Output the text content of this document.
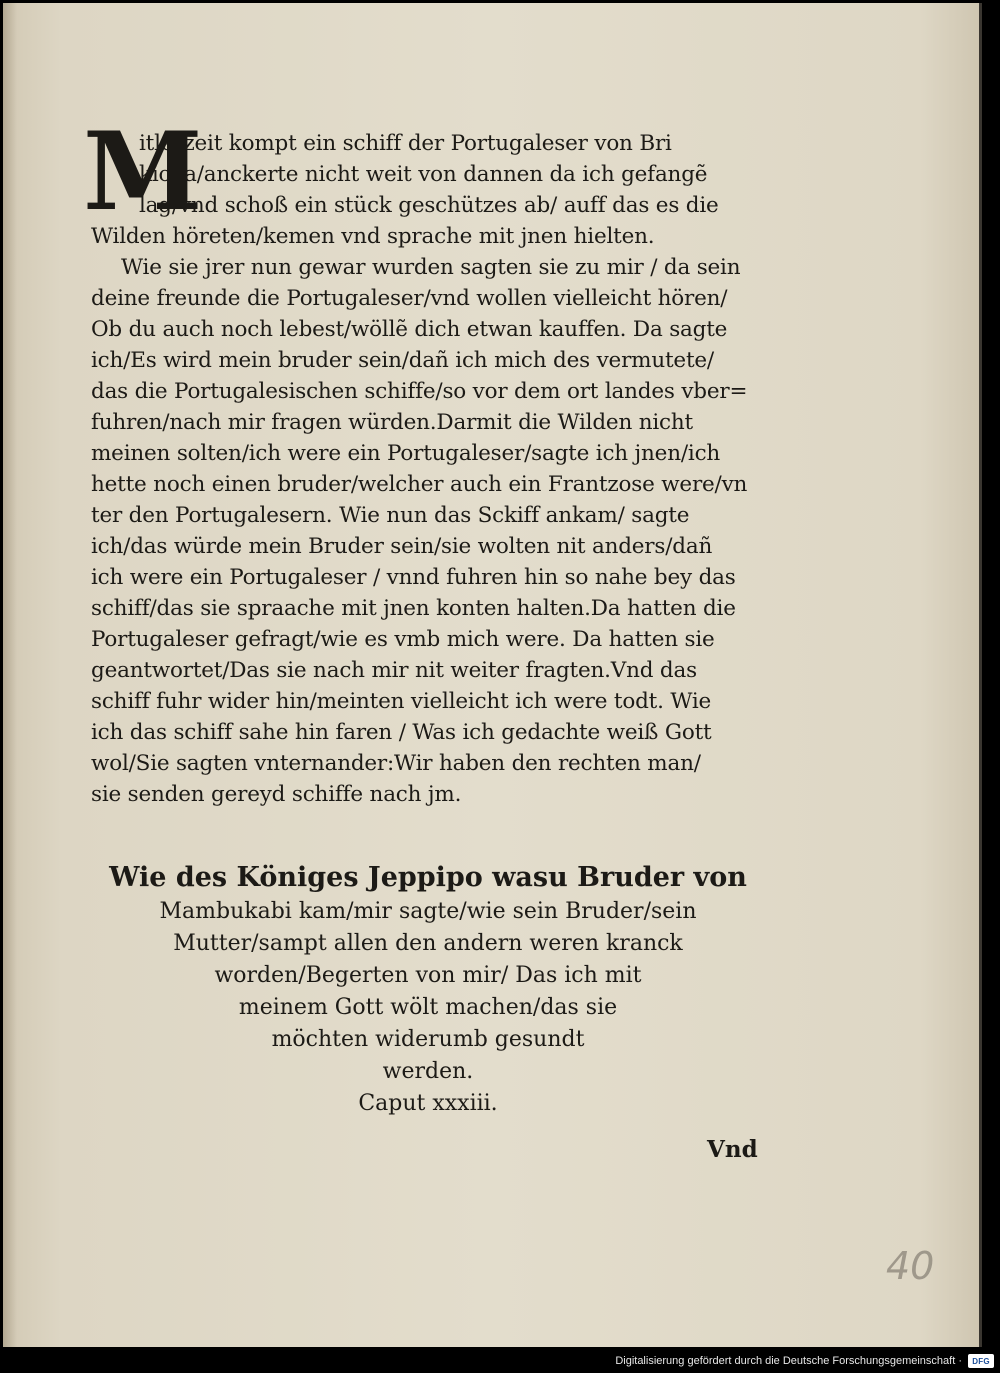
M
itlerzeit kompt ein schiff der Portugaleser von Bri
kioka/anckerte nicht weit von dannen da ich gefangẽ
lag/vnd schoß ein stück geschützes ab/ auff das es die
Wilden höreten/kemen vnd sprache mit jnen hielten.
Wie sie jrer nun gewar wurden sagten sie zu mir / da sein
deine freunde die Portugaleser/vnd wollen vielleicht hören/
Ob du auch noch lebest/wöllẽ dich etwan kauffen. Da sagte
ich/Es wird mein bruder sein/dañ ich mich des vermutete/
das die Portugalesischen schiffe/so vor dem ort landes vber=
fuhren/nach mir fragen würden.Darmit die Wilden nicht
meinen solten/ich were ein Portugaleser/sagte ich jnen/ich
hette noch einen bruder/welcher auch ein Frantzose were/vn
ter den Portugalesern. Wie nun das Sckiff ankam/ sagte
ich/das würde mein Bruder sein/sie wolten nit anders/dañ
ich were ein Portugaleser / vnnd fuhren hin so nahe bey das
schiff/das sie spraache mit jnen konten halten.Da hatten die
Portugaleser gefragt/wie es vmb mich were. Da hatten sie
geantwortet/Das sie nach mir nit weiter fragten.Vnd das
schiff fuhr wider hin/meinten vielleicht ich were todt. Wie
ich das schiff sahe hin faren / Was ich gedachte weiß Gott
wol/Sie sagten vnternander:Wir haben den rechten man/
sie senden gereyd schiffe nach jm.
Wie des Königes Jeppipo wasu Bruder von
Mambukabi kam/mir sagte/wie sein Bruder/sein
Mutter/sampt allen den andern weren kranck
worden/Begerten von mir/ Das ich mit
meinem Gott wölt machen/das sie
möchten widerumb gesundt
werden.
Caput xxxiii.
Vnd
40
Digitalisierung gefördert durch die Deutsche Forschungsgemeinschaft · DFG
